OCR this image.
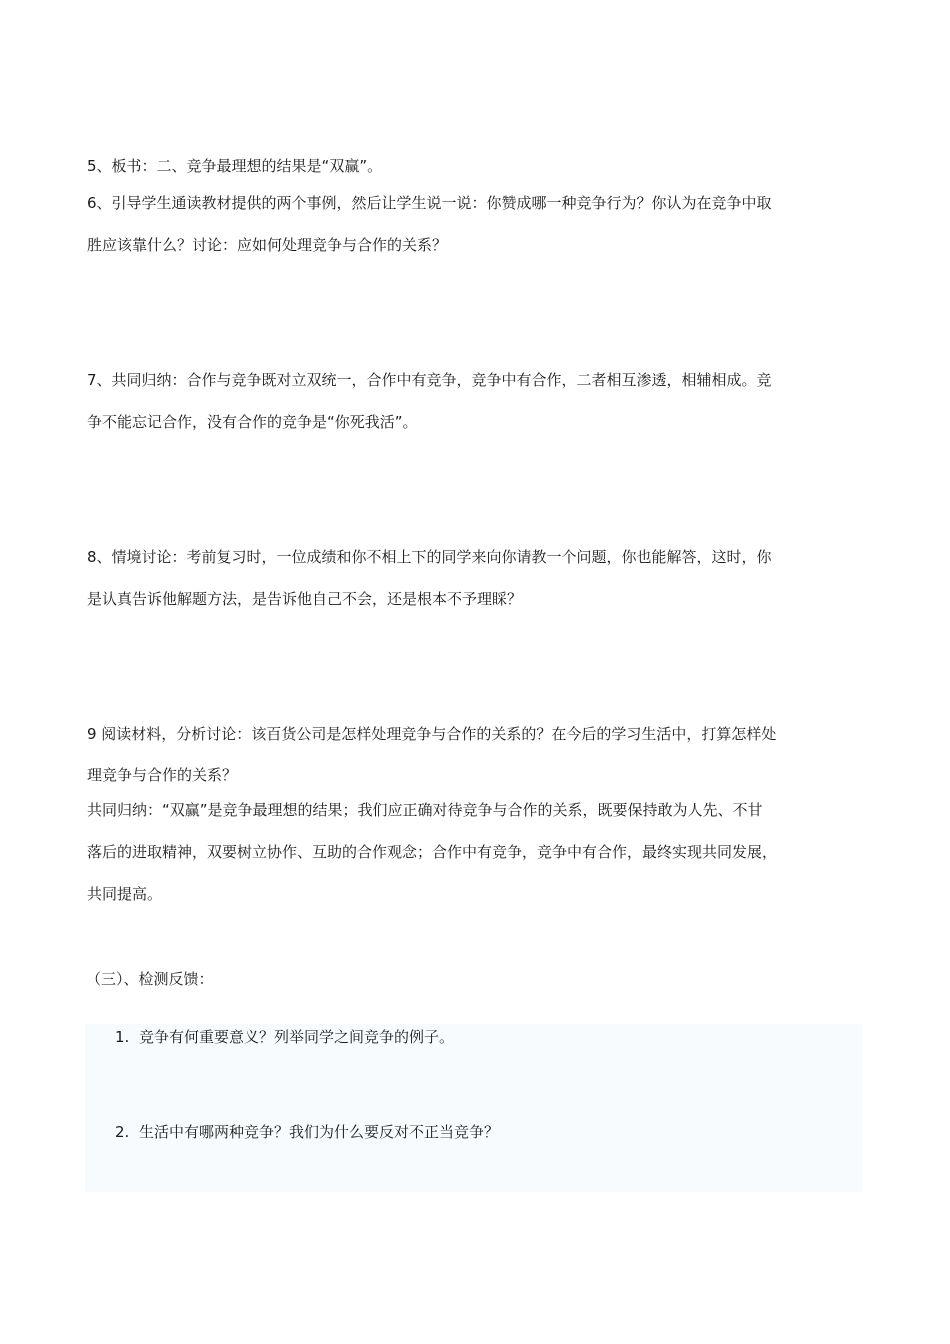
5、板书：二、竞争最理想的结果是“双赢”。
6、引导学生通读教材提供的两个事例，然后让学生说一说：你赞成哪一种竞争行为？你认为在竞争中取
胜应该靠什么？讨论：应如何处理竞争与合作的关系？
7、共同归纳：合作与竞争既对立双统一，合作中有竞争，竞争中有合作，二者相互渗透，相辅相成。竞
争不能忘记合作，没有合作的竞争是“你死我活”。
8、情境讨论：考前复习时，一位成绩和你不相上下的同学来向你请教一个问题，你也能解答，这时，你
是认真告诉他解题方法，是告诉他自己不会，还是根本不予理睬？
9 阅读材料，分析讨论：该百货公司是怎样处理竞争与合作的关系的？在今后的学习生活中，打算怎样处
理竞争与合作的关系？
共同归纳：“双赢”是竞争最理想的结果；我们应正确对待竞争与合作的关系，既要保持敢为人先、不甘
落后的进取精神，双要树立协作、互助的合作观念；合作中有竞争，竞争中有合作，最终实现共同发展，
共同提高。
（三）、检测反馈：
1. 竞争有何重要意义？列举同学之间竞争的例子。
2. 生活中有哪两种竞争？我们为什么要反对不正当竞争？
